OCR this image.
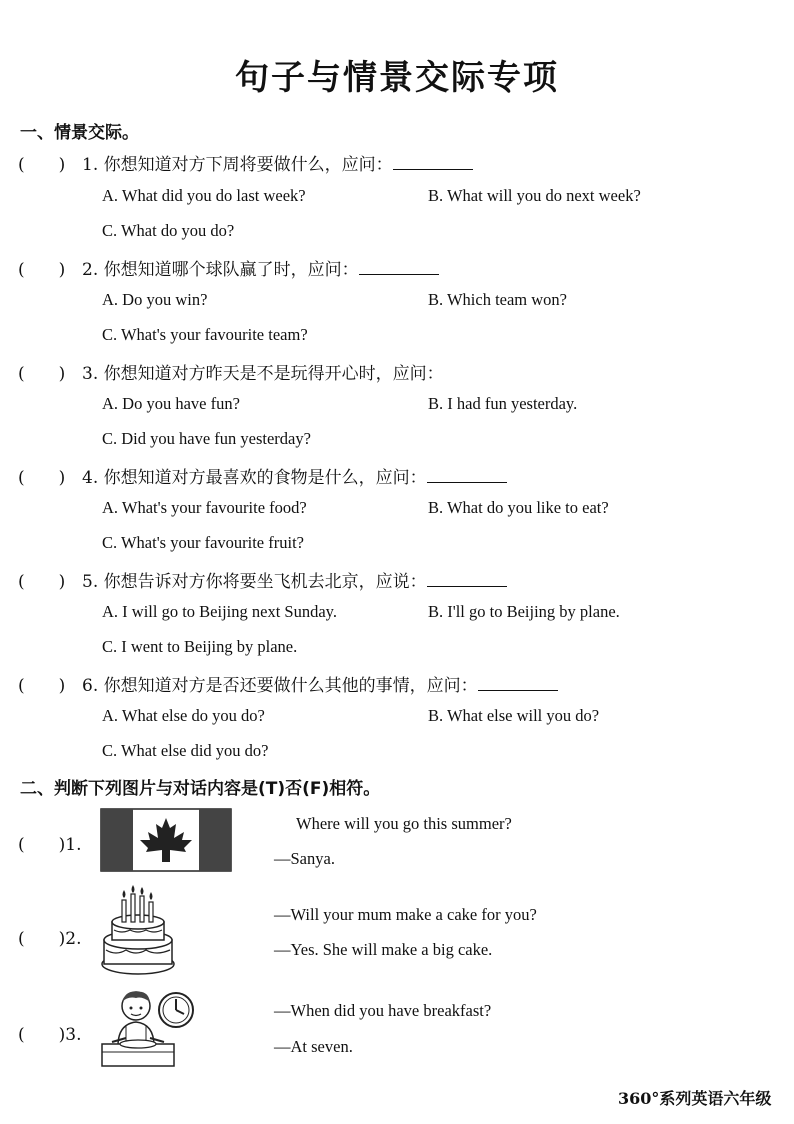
句子与情景交际专项
一、情景交际。
(　　) 1. 你想知道对方下周将要做什么，应问：
A. What did you do last week?	B. What will you do next week?
C. What do you do?
(　　) 2. 你想知道哪个球队赢了时，应问：
A. Do you win?	B. Which team won?
C. What's your favourite team?
(　　) 3. 你想知道对方昨天是不是玩得开心时，应问：
A. Do you have fun?	B. I had fun yesterday.
C. Did you have fun yesterday?
(　　) 4. 你想知道对方最喜欢的食物是什么，应问：
A. What's your favourite food?	B. What do you like to eat?
C. What's your favourite fruit?
(　　) 5. 你想告诉对方你将要坐飞机去北京，应说：
A. I will go to Beijing next Sunday.	B. I'll go to Beijing by plane.
C. I went to Beijing by plane.
(　　) 6. 你想知道对方是否还要做什么其他的事情，应问：
A. What else do you do?	B. What else will you do?
C. What else did you do?
二、判断下列图片与对话内容是(T)否(F)相符。
(　　)1.
Where will you go this summer?
—Sanya.
(　　)2.
—Will your mum make a cake for you?
—Yes. She will make a big cake.
(　　)3.
—When did you have breakfast?
—At seven.
360°系列英语六年级
